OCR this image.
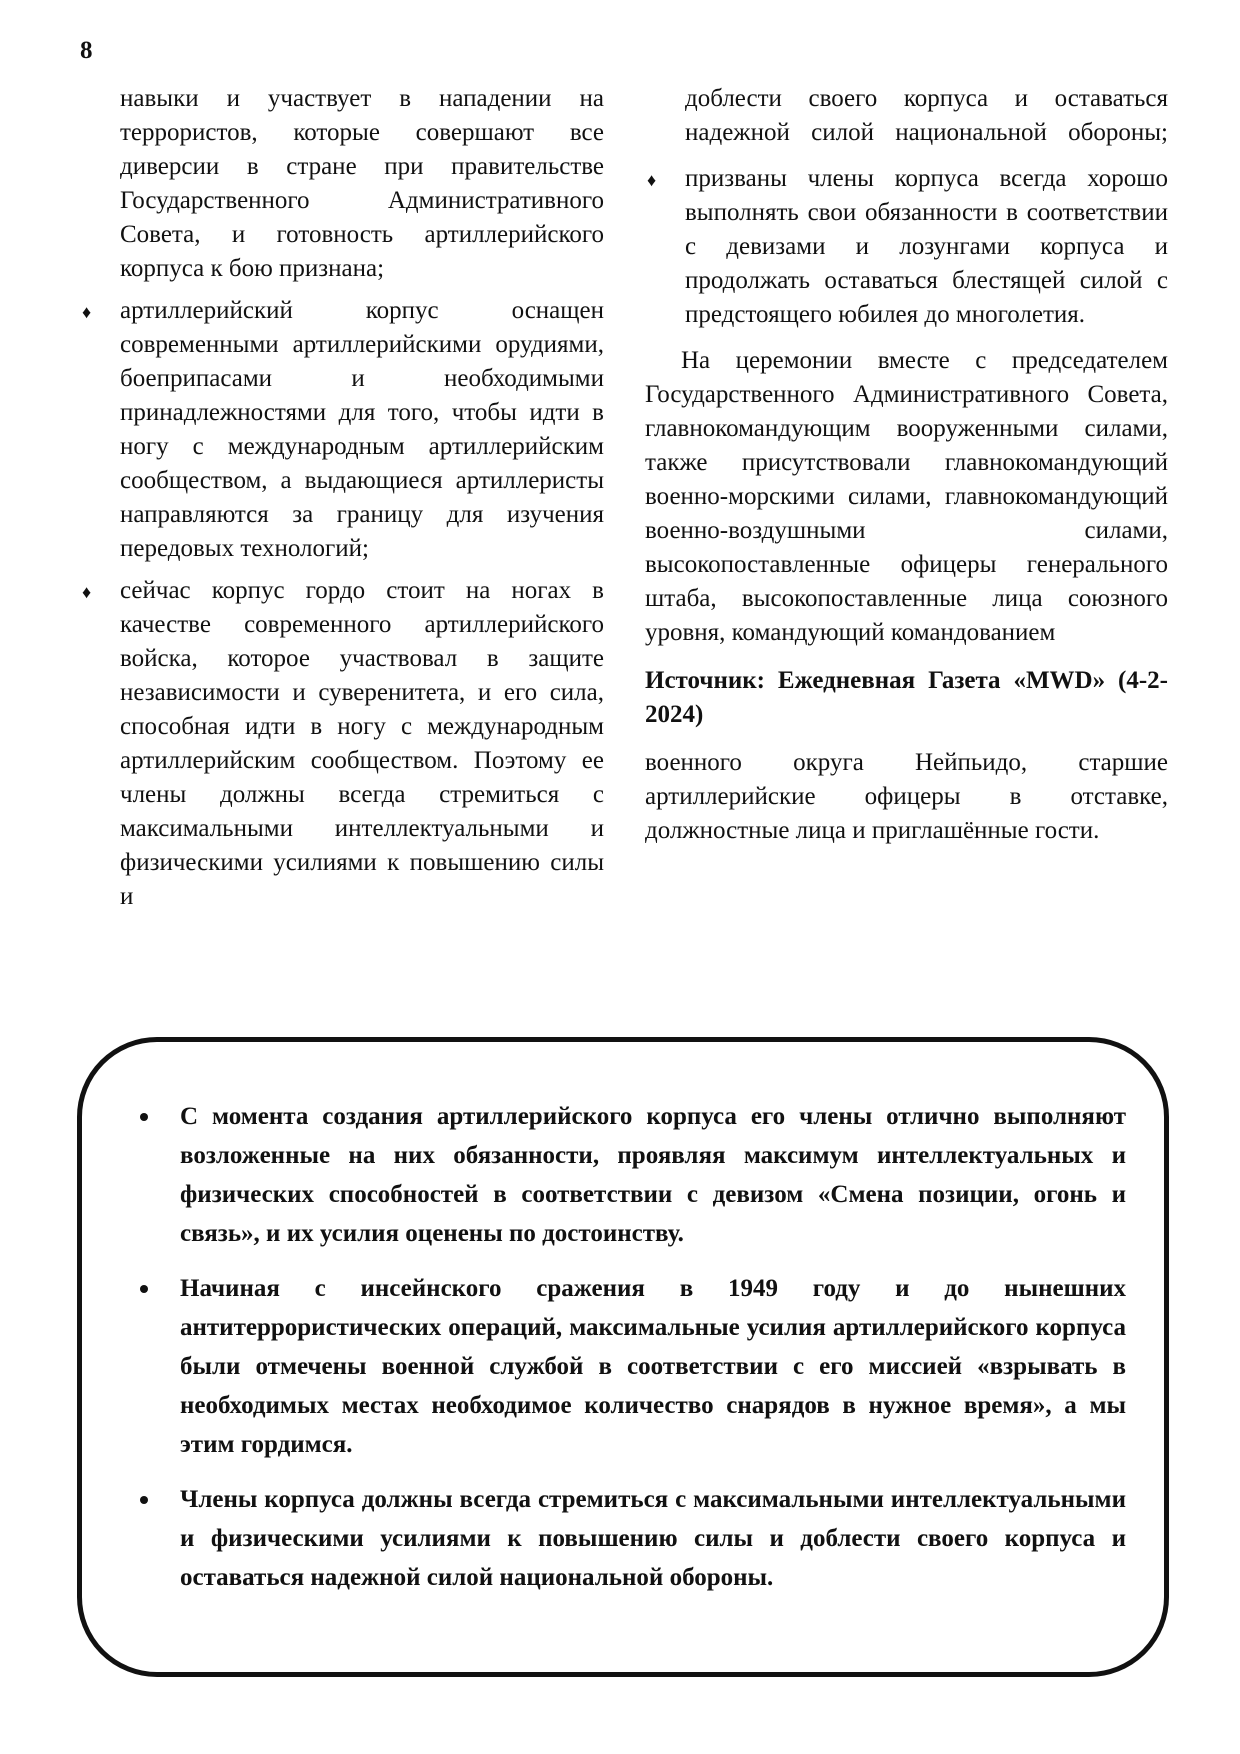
8

навыки и участвует в нападении на террористов, которые совершают все диверсии в стране при правительстве Государственного Административного Совета, и готовность артиллерийского корпуса к бою признана;

♦ артиллерийский корпус оснащен современными артиллерийскими орудиями, боеприпасами и необходимыми принадлежностями для того, чтобы идти в ногу с международным артиллерийским сообществом, а выдающиеся артиллеристы направляются за границу для изучения передовых технологий;
♦ сейчас корпус гордо стоит на ногах в качестве современного артиллерийского войска, которое участвовал в защите независимости и суверенитета, и его сила, способная идти в ногу с международным артиллерийским сообществом. Поэтому ее члены должны всегда стремиться с максимальными интеллектуальными и физическими усилиями к повышению силы и

доблести своего корпуса и оставаться надежной силой национальной обороны;

♦ призваны члены корпуса всегда хорошо выполнять свои обязанности в соответствии с девизами и лозунгами корпуса и продолжать оставаться блестящей силой с предстоящего юбилея до многолетия.

На церемонии вместе с председателем Государственного Административного Совета, главнокомандующим вооруженными силами, также присутствовали главнокомандующий военно-морскими силами, главнокомандующий военно-воздушными силами, высокопоставленные офицеры генерального штаба, высокопоставленные лица союзного уровня, командующий командованием

Источник: Ежедневная Газета «MWD» (4-2-2024)

военного округа Нейпьидо, старшие артиллерийские офицеры в отставке, должностные лица и приглашённые гости.

С момента создания артиллерийского корпуса его члены отлично выполняют возложенные на них обязанности, проявляя максимум интеллектуальных и физических способностей в соответствии с девизом «Смена позиции, огонь и связь», и их усилия оценены по достоинству.
Начиная с инсейнского сражения в 1949 году и до нынешних антитеррористических операций, максимальные усилия артиллерийского корпуса были отмечены военной службой в соответствии с его миссией «взрывать в необходимых местах необходимое количество снарядов в нужное время», а мы этим гордимся.
Члены корпуса должны всегда стремиться с максимальными интеллектуальными и физическими усилиями к повышению силы и доблести своего корпуса и оставаться надежной силой национальной обороны.
